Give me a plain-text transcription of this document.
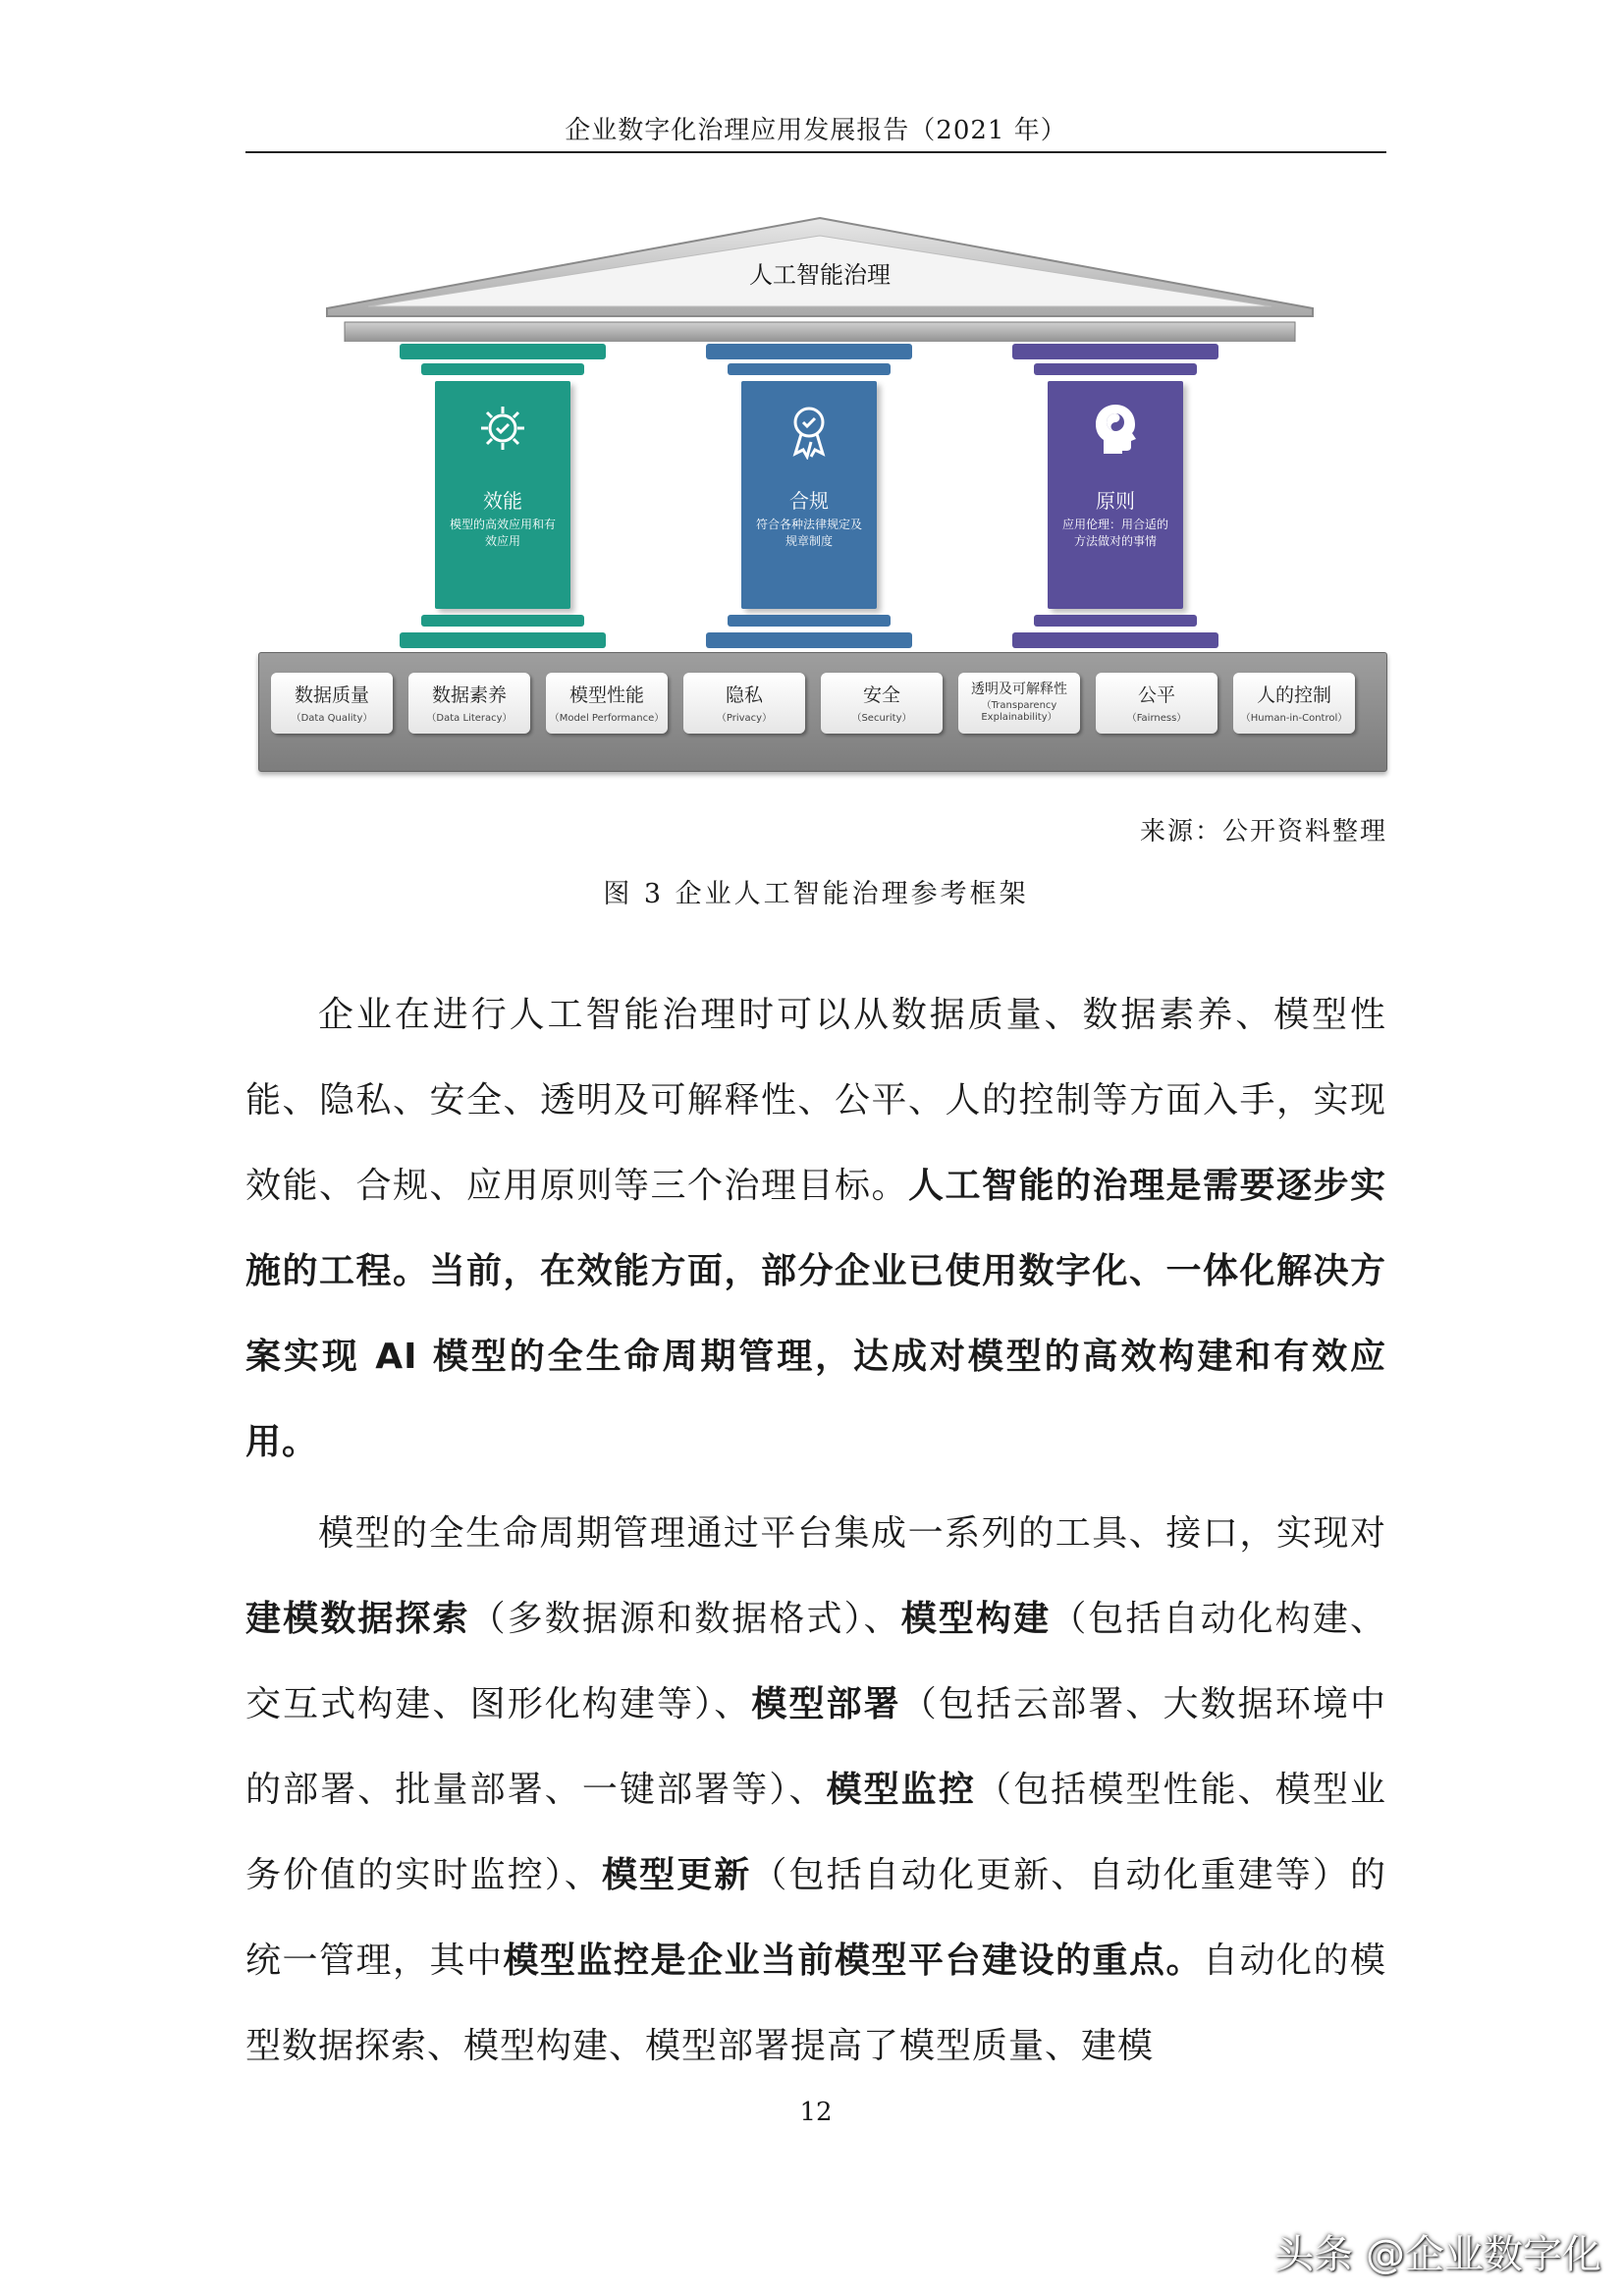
企业数字化治理应用发展报告（2021 年）
人工智能治理
效能
模型的高效应用和有效应用
合规
符合各种法律规定及规章制度
原则
应用伦理：用合适的方法做对的事情
数据质量
（Data Quality）
数据素养
（Data Literacy）
模型性能
（Model Performance）
隐私
（Privacy）
安全
（Security）
透明及可解释性
（Transparency Explainability）
公平
（Fairness）
人的控制
（Human-in-Control）
来源：公开资料整理
图 3 企业人工智能治理参考框架
企业在进行人工智能治理时可以从数据质量、数据素养、模型性能、隐私、安全、透明及可解释性、公平、人的控制等方面入手，实现效能、合规、应用原则等三个治理目标。人工智能的治理是需要逐步实施的工程。当前，在效能方面，部分企业已使用数字化、一体化解决方案实现 AI 模型的全生命周期管理，达成对模型的高效构建和有效应用。
模型的全生命周期管理通过平台集成一系列的工具、接口，实现对建模数据探索（多数据源和数据格式）、模型构建（包括自动化构建、交互式构建、图形化构建等）、模型部署（包括云部署、大数据环境中的部署、批量部署、一键部署等）、模型监控（包括模型性能、模型业务价值的实时监控）、模型更新（包括自动化更新、自动化重建等）的统一管理，其中模型监控是企业当前模型平台建设的重点。自动化的模型数据探索、模型构建、模型部署提高了模型质量、建模
12
头条 @企业数字化
